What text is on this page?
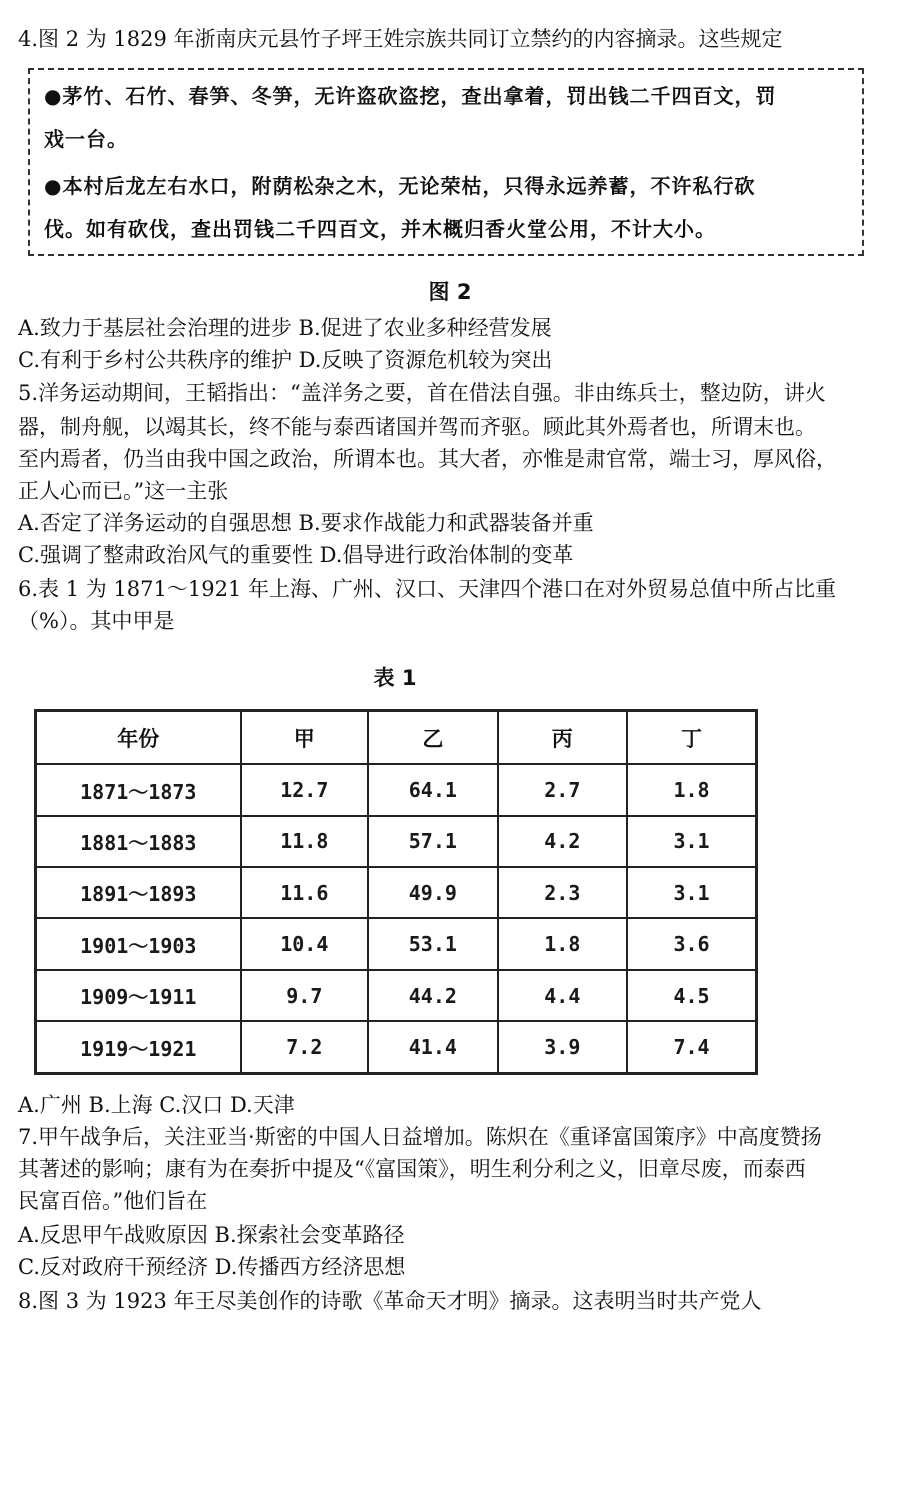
4.图 2 为 1829 年浙南庆元县竹子坪王姓宗族共同订立禁约的内容摘录。这些规定
●茅竹、石竹、春笋、冬笋，无许盗砍盗挖，查出拿着，罚出钱二千四百文，罚
戏一台。
●本村后龙左右水口，附荫松杂之木，无论荣枯，只得永远养蓄，不许私行砍
伐。如有砍伐，查出罚钱二千四百文，并木概归香火堂公用，不计大小。
图 2
A.致力于基层社会治理的进步 B.促进了农业多种经营发展
C.有利于乡村公共秩序的维护 D.反映了资源危机较为突出
5.洋务运动期间，王韬指出：“盖洋务之要，首在借法自强。非由练兵士，整边防，讲火
器，制舟舰，以竭其长，终不能与泰西诸国并驾而齐驱。顾此其外焉者也，所谓末也。
至内焉者，仍当由我中国之政治，所谓本也。其大者，亦惟是肃官常，端士习，厚风俗，
正人心而已。”这一主张
A.否定了洋务运动的自强思想 B.要求作战能力和武器装备并重
C.强调了整肃政治风气的重要性 D.倡导进行政治体制的变革
6.表 1 为 1871～1921 年上海、广州、汉口、天津四个港口在对外贸易总值中所占比重
（%）。其中甲是
表 1
年份	甲	乙	丙	丁
1871～1873	12.7	64.1	2.7	1.8
1881～1883	11.8	57.1	4.2	3.1
1891～1893	11.6	49.9	2.3	3.1
1901～1903	10.4	53.1	1.8	3.6
1909～1911	9.7	44.2	4.4	4.5
1919～1921	7.2	41.4	3.9	7.4
A.广州 B.上海 C.汉口 D.天津
7.甲午战争后，关注亚当·斯密的中国人日益增加。陈炽在《重译富国策序》中高度赞扬
其著述的影响；康有为在奏折中提及“《富国策》，明生利分利之义，旧章尽废，而泰西
民富百倍。”他们旨在
A.反思甲午战败原因 B.探索社会变革路径
C.反对政府干预经济 D.传播西方经济思想
8.图 3 为 1923 年王尽美创作的诗歌《革命天才明》摘录。这表明当时共产党人
